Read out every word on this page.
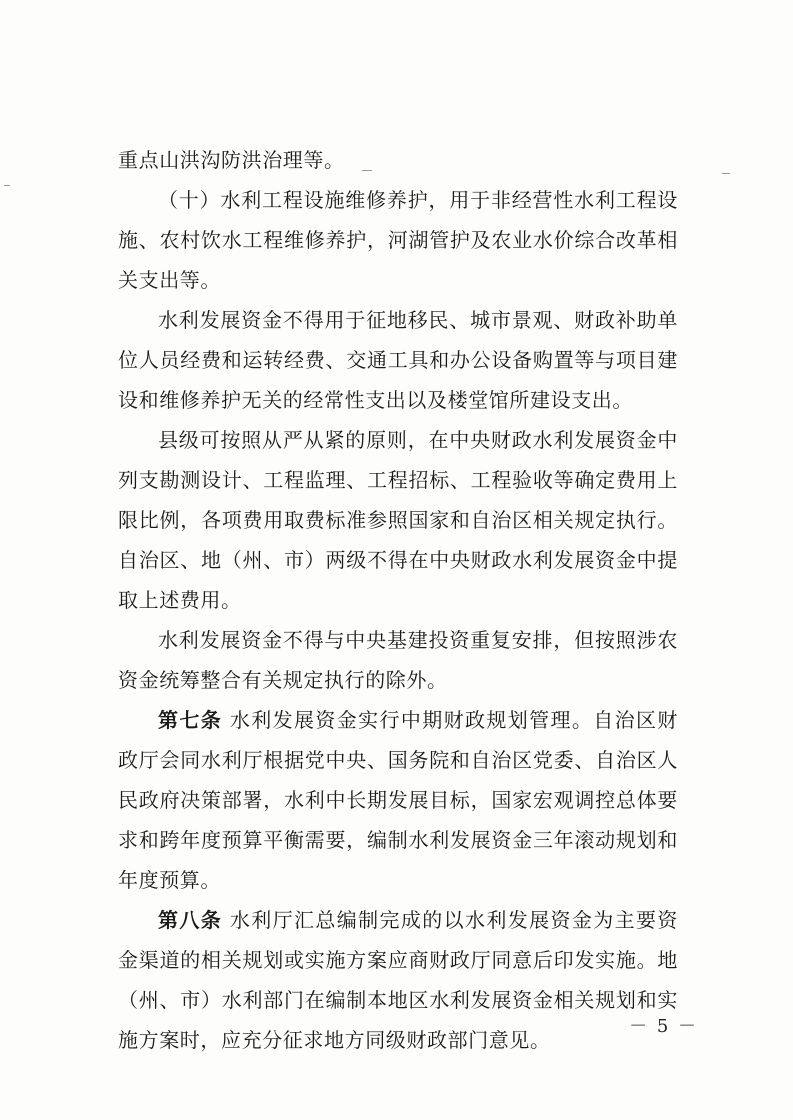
重点山洪沟防洪治理等。

（十）水利工程设施维修养护，用于非经营性水利工程设施、农村饮水工程维修养护，河湖管护及农业水价综合改革相关支出等。

水利发展资金不得用于征地移民、城市景观、财政补助单位人员经费和运转经费、交通工具和办公设备购置等与项目建设和维修养护无关的经常性支出以及楼堂馆所建设支出。

县级可按照从严从紧的原则，在中央财政水利发展资金中列支勘测设计、工程监理、工程招标、工程验收等确定费用上限比例，各项费用取费标准参照国家和自治区相关规定执行。自治区、地（州、市）两级不得在中央财政水利发展资金中提取上述费用。

水利发展资金不得与中央基建投资重复安排，但按照涉农资金统筹整合有关规定执行的除外。

第七条 水利发展资金实行中期财政规划管理。自治区财政厅会同水利厅根据党中央、国务院和自治区党委、自治区人民政府决策部署，水利中长期发展目标，国家宏观调控总体要求和跨年度预算平衡需要，编制水利发展资金三年滚动规划和年度预算。

第八条 水利厅汇总编制完成的以水利发展资金为主要资金渠道的相关规划或实施方案应商财政厅同意后印发实施。地（州、市）水利部门在编制本地区水利发展资金相关规划和实施方案时，应充分征求地方同级财政部门意见。

－ 5 －
